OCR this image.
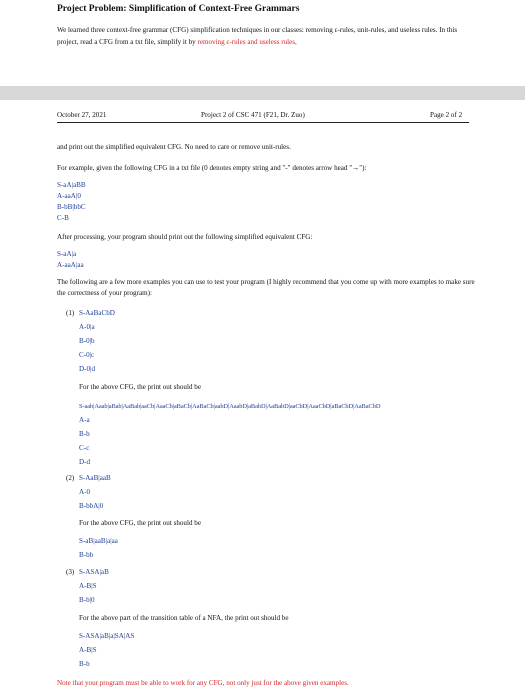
Project Problem: Simplification of Context-Free Grammars
We learned three context-free grammar (CFG) simplification techniques in our classes: removing ε-rules, unit-rules, and useless rules. In this project, read a CFG from a txt file, simplify it by removing ε-rules and useless rules,
October 27, 2021	Project 2 of CSC 471 (F21, Dr. Zuo)	Page 2 of 2
and print out the simplified equivalent CFG. No need to care or remove unit-rules.
For example, given the following CFG in a txt file (0 denotes empty string and "-" denotes arrow head "→"):
S-aA|aBB
A-aaA|0
B-bB|bbC
C-B
After processing, your program should print out the following simplified equivalent CFG:
S-aA|a
A-aaA|aa
The following are a few more examples you can use to test your program (I highly recommend that you come up with more examples to make sure the correctness of your program):
(1) S-AaBaCbD
A-0|a
B-0|b
C-0|c
D-0|d
For the above CFG, the print out should be
S-aab|Aaab|aBab|AaBab|aaCb|AaaCb|aBaCb|AaBaCb|aabD|AaabD|aBabD|AaBabD|aaCbD|AaaCbD|aBaCbD|AaBaCbD
A-a
B-b
C-c
D-d
(2) S-AaB|aaB
A-0
B-bbA|0
For the above CFG, the print out should be
S-aB|aaB|a|aa
B-bb
(3) S-ASA|aB
A-B|S
B-b|0
For the above part of the transition table of a NFA, the print out should be
S-ASA|aB|a|SA|AS
A-B|S
B-b
Note that your program must be able to work for any CFG, not only just for the above given examples.
